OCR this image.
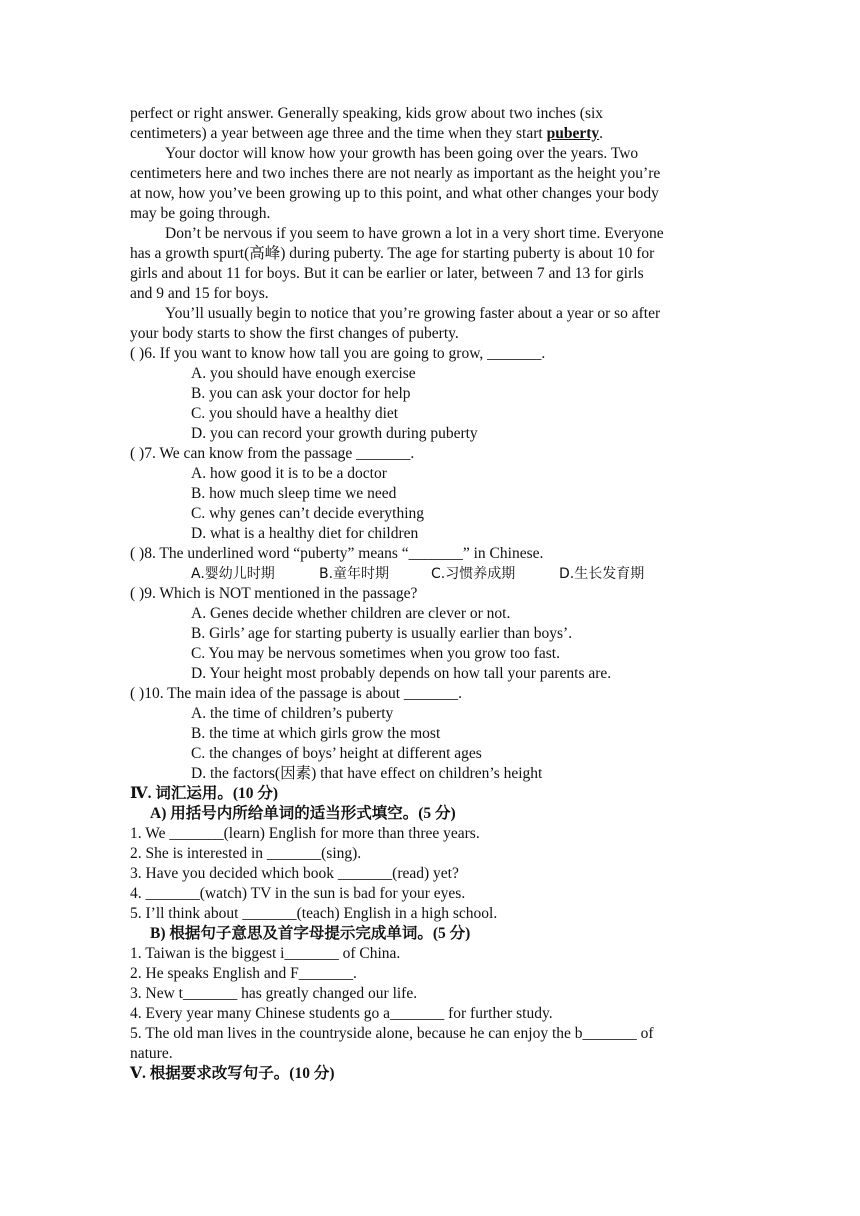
perfect or right answer. Generally speaking, kids grow about two inches (six
centimeters) a year between age three and the time when they start puberty.
Your doctor will know how your growth has been going over the years. Two
centimeters here and two inches there are not nearly as important as the height you’re
at now, how you’ve been growing up to this point, and what other changes your body
may be going through.
Don’t be nervous if you seem to have grown a lot in a very short time. Everyone
has a growth spurt(高峰) during puberty. The age for starting puberty is about 10 for
girls and about 11 for boys. But it can be earlier or later, between 7 and 13 for girls
and 9 and 15 for boys.
You’ll usually begin to notice that you’re growing faster about a year or so after
your body starts to show the first changes of puberty.
( )6. If you want to know how tall you are going to grow, _______.
A. you should have enough exercise
B. you can ask your doctor for help
C. you should have a healthy diet
D. you can record your growth during puberty
( )7. We can know from the passage _______.
A. how good it is to be a doctor
B. how much sleep time we need
C. why genes can’t decide everything
D. what is a healthy diet for children
( )8. The underlined word “puberty” means “_______” in Chinese.
A.婴幼儿时期	B.童年时期	C.习惯养成期	D.生长发育期
( )9. Which is NOT mentioned in the passage?
A. Genes decide whether children are clever or not.
B. Girls’ age for starting puberty is usually earlier than boys’.
C. You may be nervous sometimes when you grow too fast.
D. Your height most probably depends on how tall your parents are.
( )10. The main idea of the passage is about _______.
A. the time of children’s puberty
B. the time at which girls grow the most
C. the changes of boys’ height at different ages
D. the factors(因素) that have effect on children’s height
Ⅳ. 词汇运用。(10 分)
A) 用括号内所给单词的适当形式填空。(5 分)
1. We _______(learn) English for more than three years.
2. She is interested in _______(sing).
3. Have you decided which book _______(read) yet?
4. _______(watch) TV in the sun is bad for your eyes.
5. I’ll think about _______(teach) English in a high school.
B) 根据句子意思及首字母提示完成单词。(5 分)
1. Taiwan is the biggest i_______ of China.
2. He speaks English and F_______.
3. New t_______ has greatly changed our life.
4. Every year many Chinese students go a_______ for further study.
5. The old man lives in the countryside alone, because he can enjoy the b_______ of
nature.
Ⅴ. 根据要求改写句子。(10 分)
